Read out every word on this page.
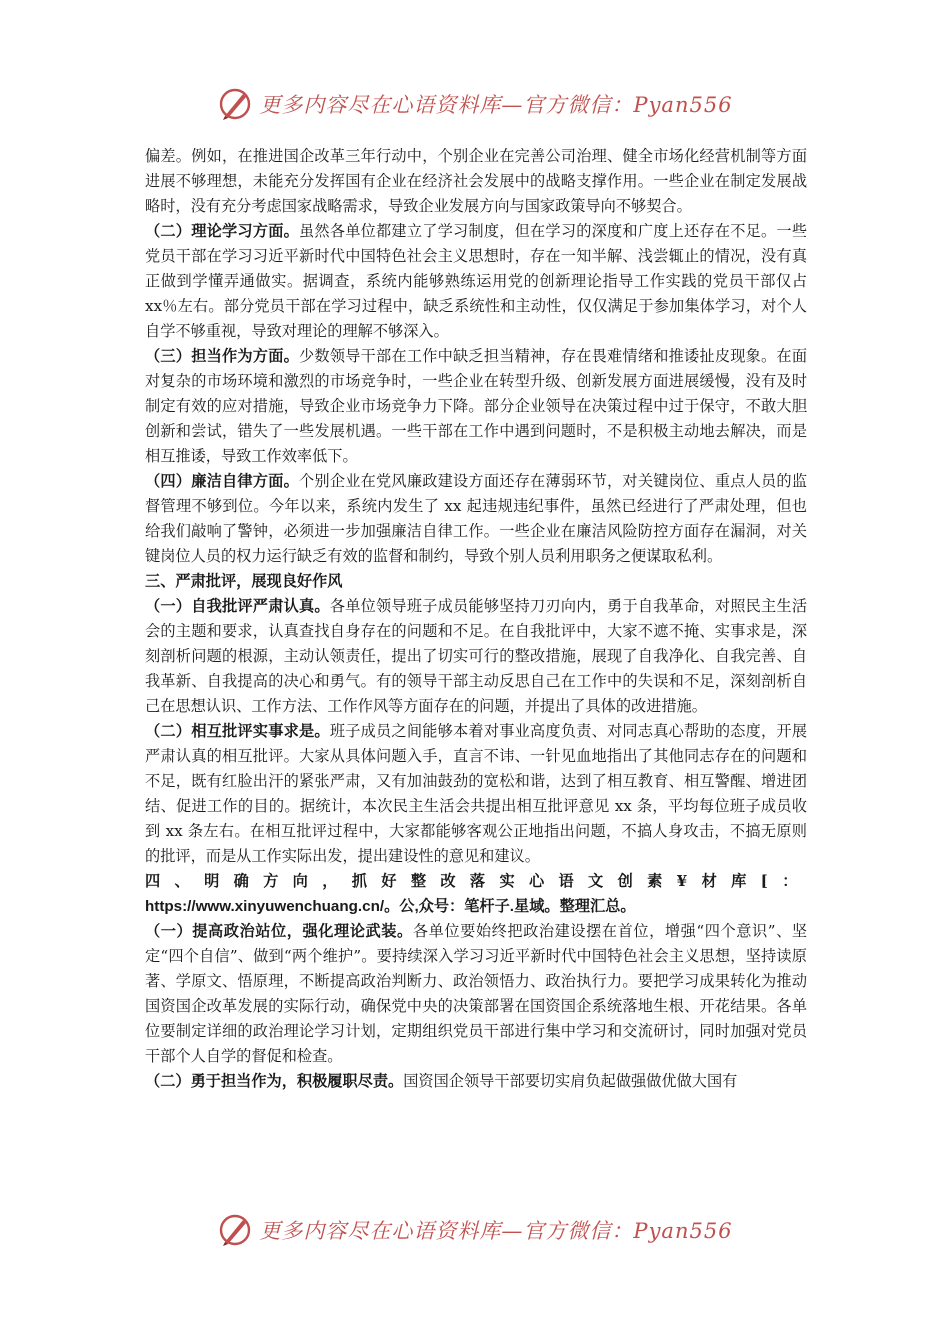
更多内容尽在心语资料库—官方微信：Pyan556

偏差。例如，在推进国企改革三年行动中，个别企业在完善公司治理、健全市场化经营机制等方面进展不够理想，未能充分发挥国有企业在经济社会发展中的战略支撑作用。一些企业在制定发展战略时，没有充分考虑国家战略需求，导致企业发展方向与国家政策导向不够契合。

（二）理论学习方面。虽然各单位都建立了学习制度，但在学习的深度和广度上还存在不足。一些党员干部在学习习近平新时代中国特色社会主义思想时，存在一知半解、浅尝辄止的情况，没有真正做到学懂弄通做实。据调查，系统内能够熟练运用党的创新理论指导工作实践的党员干部仅占 xx％左右。部分党员干部在学习过程中，缺乏系统性和主动性，仅仅满足于参加集体学习，对个人自学不够重视，导致对理论的理解不够深入。

（三）担当作为方面。少数领导干部在工作中缺乏担当精神，存在畏难情绪和推诿扯皮现象。在面对复杂的市场环境和激烈的市场竞争时，一些企业在转型升级、创新发展方面进展缓慢，没有及时制定有效的应对措施，导致企业市场竞争力下降。部分企业领导在决策过程中过于保守，不敢大胆创新和尝试，错失了一些发展机遇。一些干部在工作中遇到问题时，不是积极主动地去解决，而是相互推诿，导致工作效率低下。

（四）廉洁自律方面。个别企业在党风廉政建设方面还存在薄弱环节，对关键岗位、重点人员的监督管理不够到位。今年以来，系统内发生了 xx 起违规违纪事件，虽然已经进行了严肃处理，但也给我们敲响了警钟，必须进一步加强廉洁自律工作。一些企业在廉洁风险防控方面存在漏洞，对关键岗位人员的权力运行缺乏有效的监督和制约，导致个别人员利用职务之便谋取私利。

三、严肃批评，展现良好作风

（一）自我批评严肃认真。各单位领导班子成员能够坚持刀刃向内，勇于自我革命，对照民主生活会的主题和要求，认真查找自身存在的问题和不足。在自我批评中，大家不遮不掩、实事求是，深刻剖析问题的根源，主动认领责任，提出了切实可行的整改措施，展现了自我净化、自我完善、自我革新、自我提高的决心和勇气。有的领导干部主动反思自己在工作中的失误和不足，深刻剖析自己在思想认识、工作方法、工作作风等方面存在的问题，并提出了具体的改进措施。

（二）相互批评实事求是。班子成员之间能够本着对事业高度负责、对同志真心帮助的态度，开展严肃认真的相互批评。大家从具体问题入手，直言不讳、一针见血地指出了其他同志存在的问题和不足，既有红脸出汗的紧张严肃，又有加油鼓劲的宽松和谐，达到了相互教育、相互警醒、增进团结、促进工作的目的。据统计，本次民主生活会共提出相互批评意见 xx 条，平均每位班子成员收到 xx 条左右。在相互批评过程中，大家都能够客观公正地指出问题，不搞人身攻击，不搞无原则的批评，而是从工作实际出发，提出建设性的意见和建议。

四、明确方向，抓好整改落实心语文创素¥材库[： https://www.xinyuwenchuang.cn/。公,众号：笔杆子.星域。整理汇总。

（一）提高政治站位，强化理论武装。各单位要始终把政治建设摆在首位，增强“四个意识”、坚定“四个自信”、做到“两个维护”。要持续深入学习习近平新时代中国特色社会主义思想，坚持读原著、学原文、悟原理，不断提高政治判断力、政治领悟力、政治执行力。要把学习成果转化为推动国资国企改革发展的实际行动，确保党中央的决策部署在国资国企系统落地生根、开花结果。各单位要制定详细的政治理论学习计划，定期组织党员干部进行集中学习和交流研讨，同时加强对党员干部个人自学的督促和检查。

（二）勇于担当作为，积极履职尽责。国资国企领导干部要切实肩负起做强做优做大国有

更多内容尽在心语资料库—官方微信：Pyan556
